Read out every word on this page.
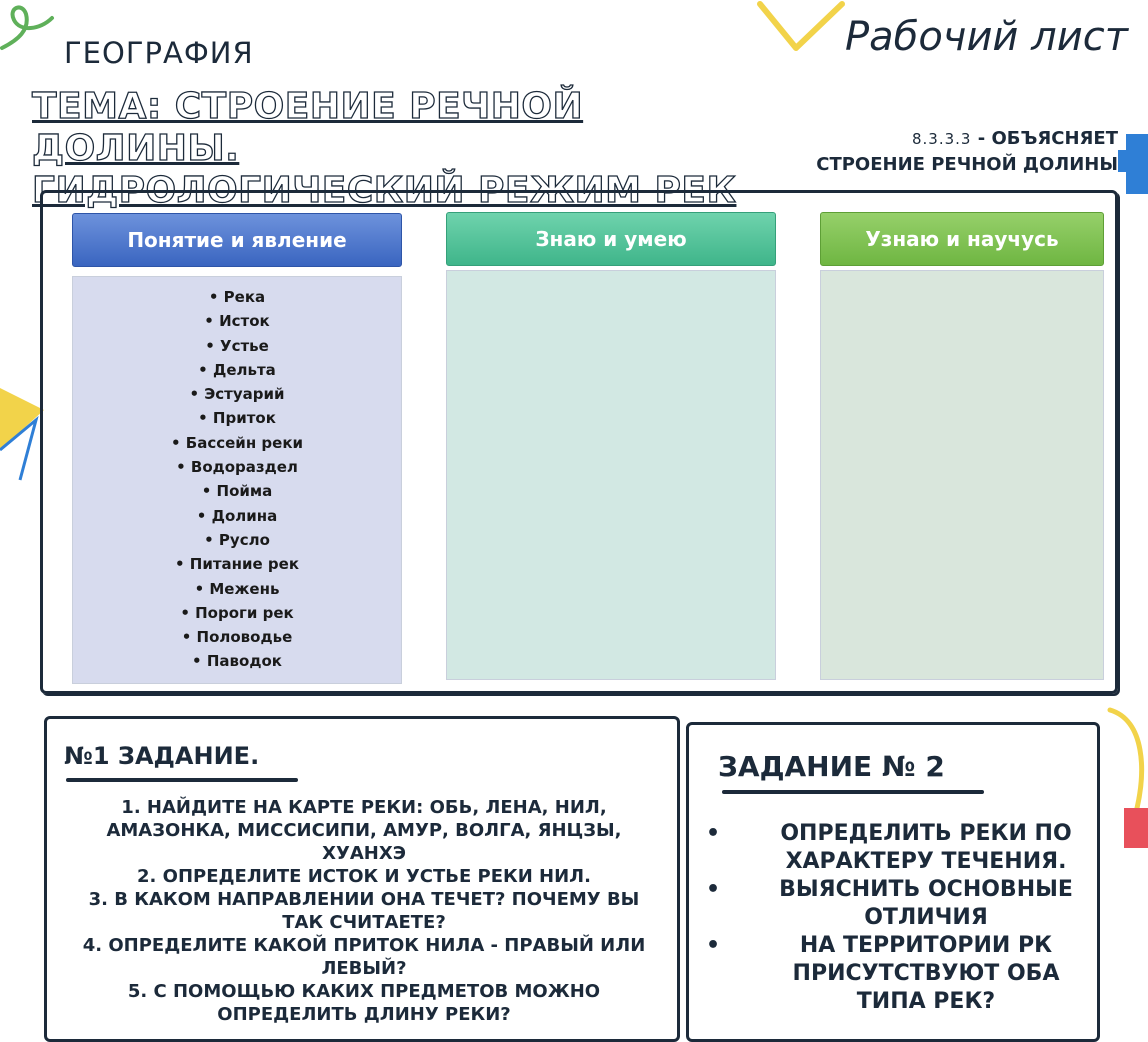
ГЕОГРАФИЯ	Рабочий лист
ТЕМА: СТРОЕНИЕ РЕЧНОЙ ДОЛИНЫ.
ГИДРОЛОГИЧЕСКИЙ РЕЖИМ РЕК
8.3.3.3 - ОБЪЯСНЯЕТ
СТРОЕНИЕ РЕЧНОЙ ДОЛИНЫ
Понятие и явление	Знаю и умею	Узнаю и научусь
• Река
• Исток
• Устье
• Дельта
• Эстуарий
• Приток
• Бассейн реки
• Водораздел
• Пойма
• Долина
• Русло
• Питание рек
• Межень
• Пороги рек
• Половодье
• Паводок
№1 ЗАДАНИЕ.
1. НАЙДИТЕ НА КАРТЕ РЕКИ: ОБЬ, ЛЕНА, НИЛ, АМАЗОНКА, МИССИСИПИ, АМУР, ВОЛГА, ЯНЦЗЫ, ХУАНХЭ
2. ОПРЕДЕЛИТЕ ИСТОК И УСТЬЕ РЕКИ НИЛ.
3. В КАКОМ НАПРАВЛЕНИИ ОНА ТЕЧЕТ? ПОЧЕМУ ВЫ ТАК СЧИТАЕТЕ?
4. ОПРЕДЕЛИТЕ КАКОЙ ПРИТОК НИЛА - ПРАВЫЙ ИЛИ ЛЕВЫЙ?
5. С ПОМОЩЬЮ КАКИХ ПРЕДМЕТОВ МОЖНО ОПРЕДЕЛИТЬ ДЛИНУ РЕКИ?
ЗАДАНИЕ № 2
•	ОПРЕДЕЛИТЬ РЕКИ ПО ХАРАКТЕРУ ТЕЧЕНИЯ.
•	ВЫЯСНИТЬ ОСНОВНЫЕ ОТЛИЧИЯ
•	НА ТЕРРИТОРИИ РК ПРИСУТСТВУЮТ ОБА ТИПА РЕК?
